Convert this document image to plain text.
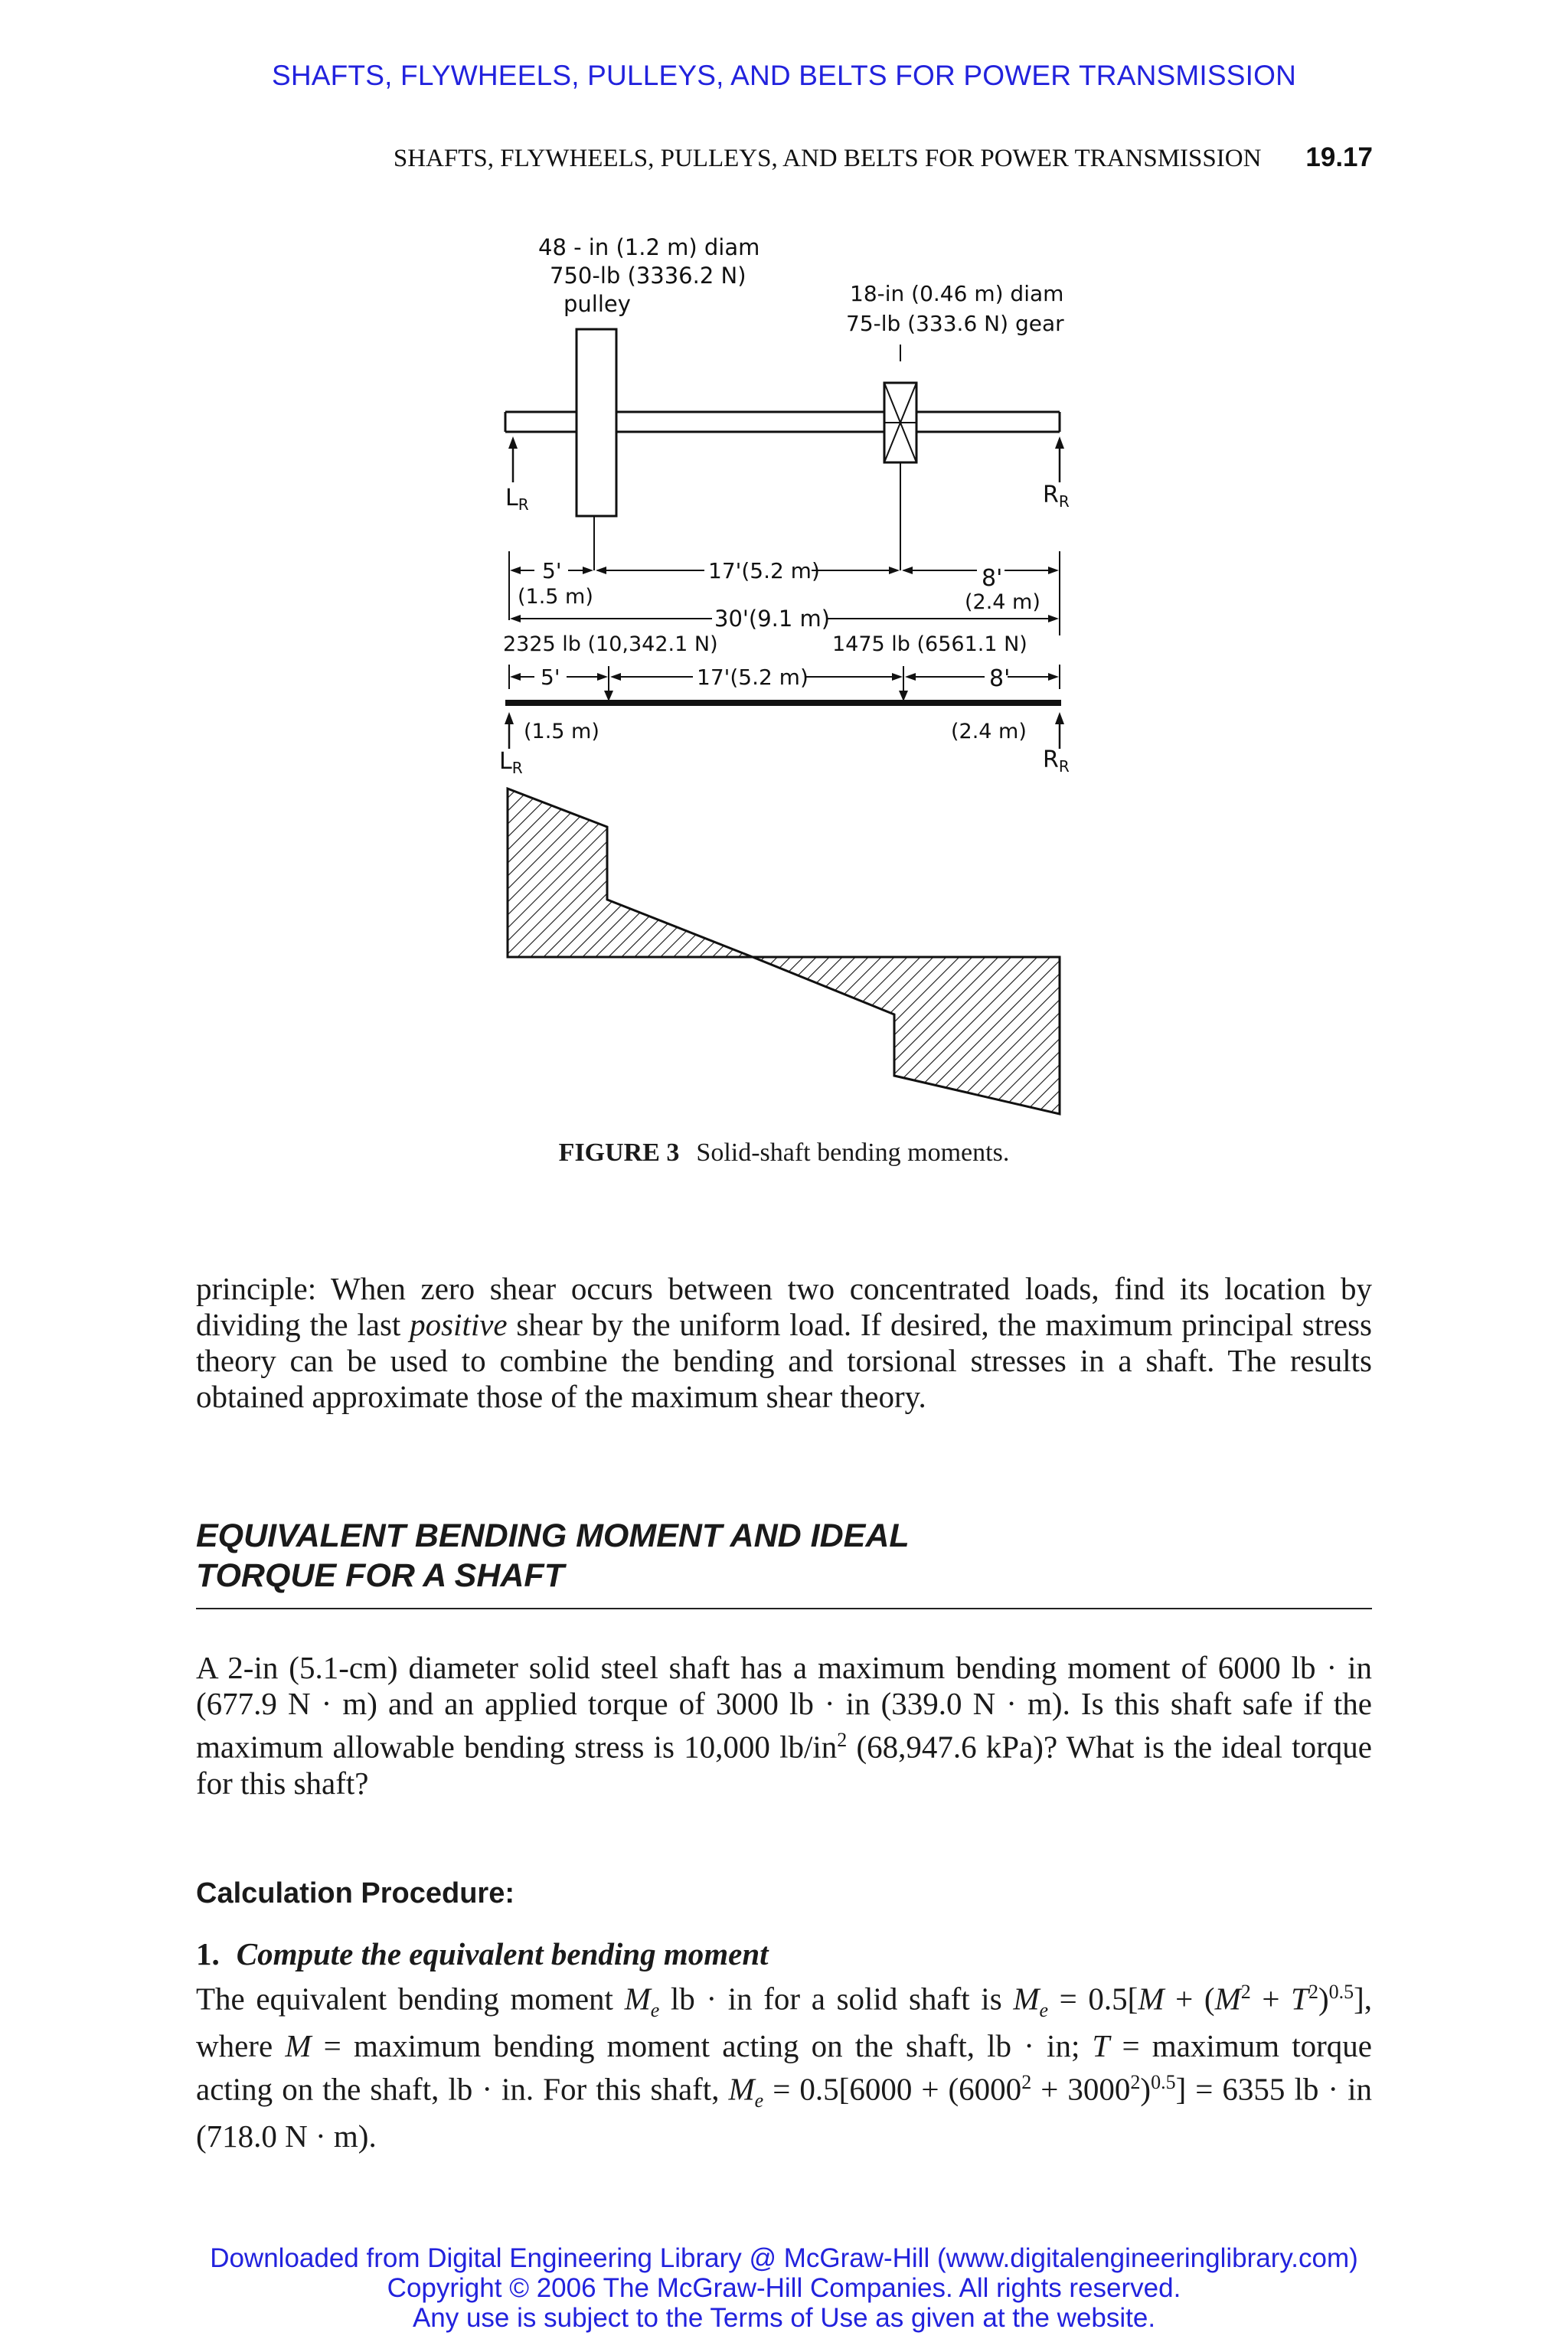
SHAFTS, FLYWHEELS, PULLEYS, AND BELTS FOR POWER TRANSMISSION
SHAFTS, FLYWHEELS, PULLEYS, AND BELTS FOR POWER TRANSMISSION 19.17
48 - in (1.2 m) diam
750-lb (3336.2 N)
pulley	18-in (0.46 m) diam
75-lb (333.6 N) gear
$L_R$	$R_R$
5'
(1.5 m)
17'(5.2 m)	8'
(2.4 m)
30'(9.1 m)
2325 lb (10,342.1 N)	1475 lb (6561.1 N)
5'	17'(5.2 m)	8'
(1.5 m)	(2.4 m)
$L_R$	$R_R$
FIGURE 3 Solid-shaft bending moments.
principle: When zero shear occurs between two concentrated loads, find its location by dividing the last positive shear by the uniform load. If desired, the maximum principal stress theory can be used to combine the bending and torsional stresses in a shaft. The results obtained approximate those of the maximum shear theory.
EQUIVALENT BENDING MOMENT AND IDEAL
TORQUE FOR A SHAFT
A 2-in (5.1-cm) diameter solid steel shaft has a maximum bending moment of 6000 lb · in (677.9 N · m) and an applied torque of 3000 lb · in (339.0 N · m). Is this shaft safe if the maximum allowable bending stress is 10,000 $lb/in^2$ (68,947.6 kPa)? What is the ideal torque for this shaft?
Calculation Procedure:
1. Compute the equivalent bending moment
The equivalent bending moment $M_e$ lb · in for a solid shaft is $M_e = 0.5[M + (M^2 + T^2)^{0.5}]$, where M = maximum bending moment acting on the shaft, lb · in; T = maximum torque acting on the shaft, lb · in. For this shaft, $M_e = 0.5[6000 + (6000^2 + 3000^2)^{0.5}] = 6355$ lb · in (718.0 N · m).
Downloaded from Digital Engineering Library @ McGraw-Hill (www.digitalengineeringlibrary.com)
Copyright © 2006 The McGraw-Hill Companies. All rights reserved.
Any use is subject to the Terms of Use as given at the website.
